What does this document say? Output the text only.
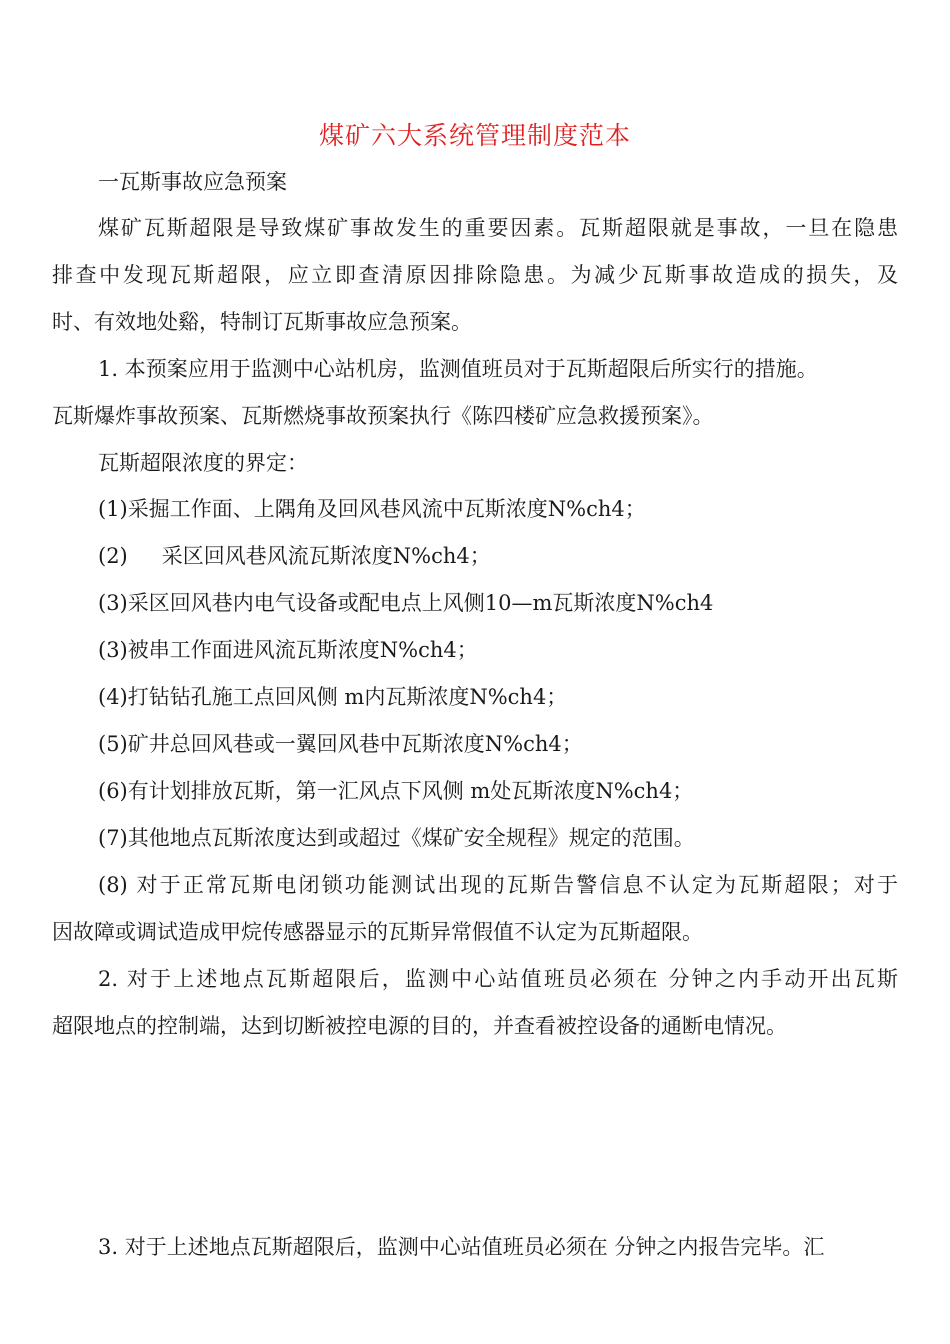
煤矿六大系统管理制度范本
一瓦斯事故应急预案
煤矿瓦斯超限是导致煤矿事故发生的重要因素。瓦斯超限就是事故，一旦在隐患
排查中发现瓦斯超限，应立即查清原因排除隐患。为减少瓦斯事故造成的损失，及
时、有效地处谿，特制订瓦斯事故应急预案。
1. 本预案应用于监测中心站机房，监测值班员对于瓦斯超限后所实行的措施。
瓦斯爆炸事故预案、瓦斯燃烧事故预案执行《陈四楼矿应急救援预案》。
瓦斯超限浓度的界定：
(1)采掘工作面、上隅角及回风巷风流中瓦斯浓度N%ch4；
(2) 采区回风巷风流瓦斯浓度N%ch4；
(3)采区回风巷内电气设备或配电点上风侧10—m瓦斯浓度N%ch4
(3)被串工作面进风流瓦斯浓度N%ch4；
(4)打钻钻孔施工点回风侧 m内瓦斯浓度N%ch4；
(5)矿井总回风巷或一翼回风巷中瓦斯浓度N%ch4；
(6)有计划排放瓦斯，第一汇风点下风侧 m处瓦斯浓度N%ch4；
(7)其他地点瓦斯浓度达到或超过《煤矿安全规程》规定的范围。
(8) 对于正常瓦斯电闭锁功能测试出现的瓦斯告警信息不认定为瓦斯超限；对于
因故障或调试造成甲烷传感器显示的瓦斯异常假值不认定为瓦斯超限。
2. 对于上述地点瓦斯超限后，监测中心站值班员必须在 分钟之内手动开出瓦斯
超限地点的控制端，达到切断被控电源的目的，并查看被控设备的通断电情况。
3. 对于上述地点瓦斯超限后，监测中心站值班员必须在 分钟之内报告完毕。汇
